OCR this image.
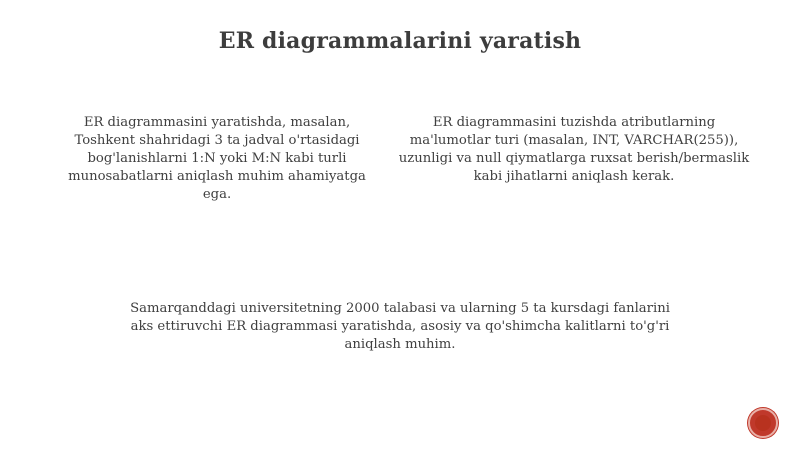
ER diagrammalarini yaratish
ER diagrammasini yaratishda, masalan, Toshkent shahridagi 3 ta jadval o'rtasidagi bog'lanishlarni 1:N yoki M:N kabi turli munosabatlarni aniqlash muhim ahamiyatga ega.
ER diagrammasini tuzishda atributlarning ma'lumotlar turi (masalan, INT, VARCHAR(255)), uzunligi va null qiymatlarga ruxsat berish/bermaslik kabi jihatlarni aniqlash kerak.
Samarqanddagi universitetning 2000 talabasi va ularning 5 ta kursdagi fanlarini aks ettiruvchi ER diagrammasi yaratishda, asosiy va qo'shimcha kalitlarni to'g'ri aniqlash muhim.
